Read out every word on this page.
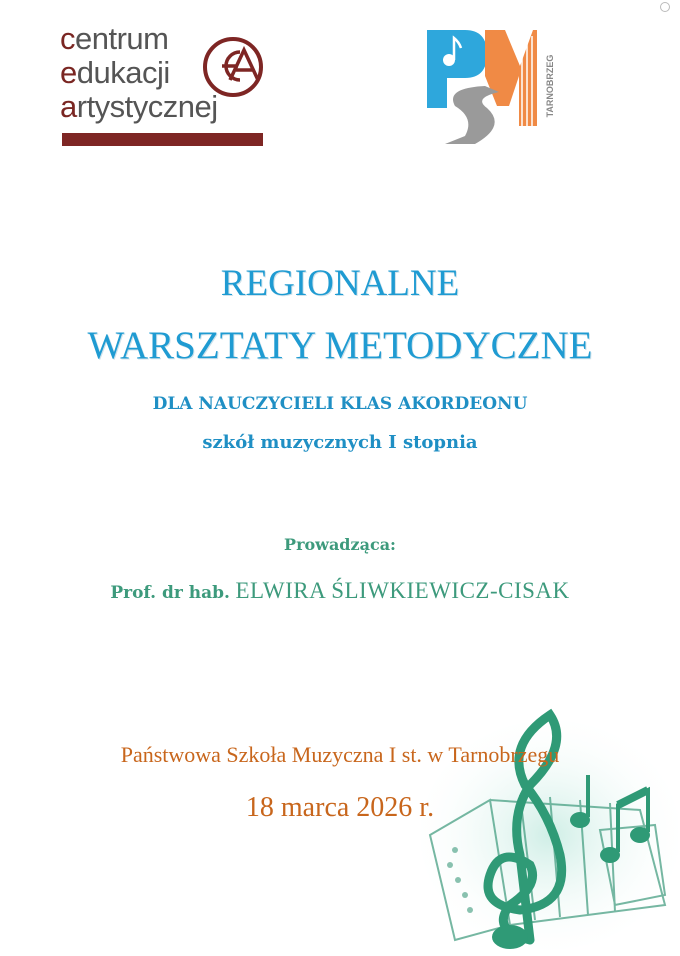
centrum
edukacji
artystycznej	TARNOBRZEG
REGIONALNE
WARSZTATY METODYCZNE
DLA NAUCZYCIELI KLAS AKORDEONU
szkół muzycznych I stopnia
Prowadząca:
Prof. dr hab. ELWIRA ŚLIWKIEWICZ-CISAK
Państwowa Szkoła Muzyczna I st. w Tarnobrzegu
18 marca 2026 r.
